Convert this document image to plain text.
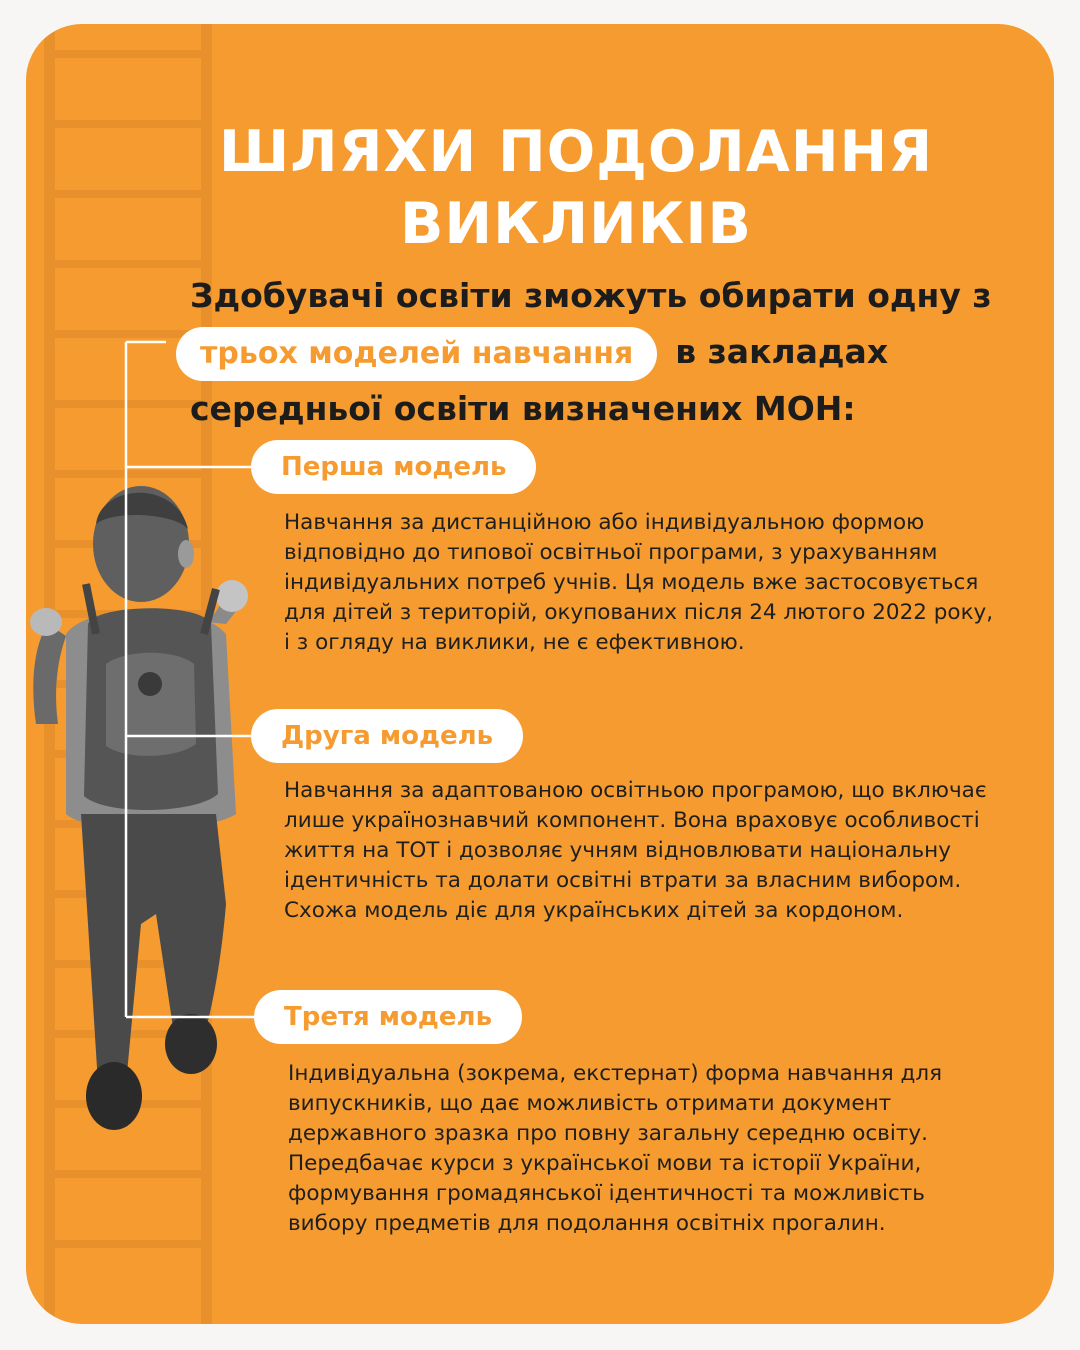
ШЛЯХИ ПОДОЛАННЯ
ВИКЛИКІВ
Здобувачі освіти зможуть обирати одну з
трьох моделей навчання в закладах
середньої освіти визначених МОН:
Перша модель

Навчання за дистанційною або індивідуальною формою відповідно до типової освітньої програми, з урахуванням індивідуальних потреб учнів. Ця модель вже застосовується для дітей з територій, окупованих після 24 лютого 2022 року, і з огляду на виклики, не є ефективною.

Друга модель

Навчання за адаптованою освітньою програмою, що включає лише українознавчий компонент. Вона враховує особливості життя на ТОТ і дозволяє учням відновлювати національну ідентичність та долати освітні втрати за власним вибором. Схожа модель діє для українських дітей за кордоном.

Третя модель

Індивідуальна (зокрема, екстернат) форма навчання для випускників, що дає можливість отримати документ державного зразка про повну загальну середню освіту. Передбачає курси з української мови та історії України, формування громадянської ідентичності та можливість вибору предметів для подолання освітніх прогалин.
